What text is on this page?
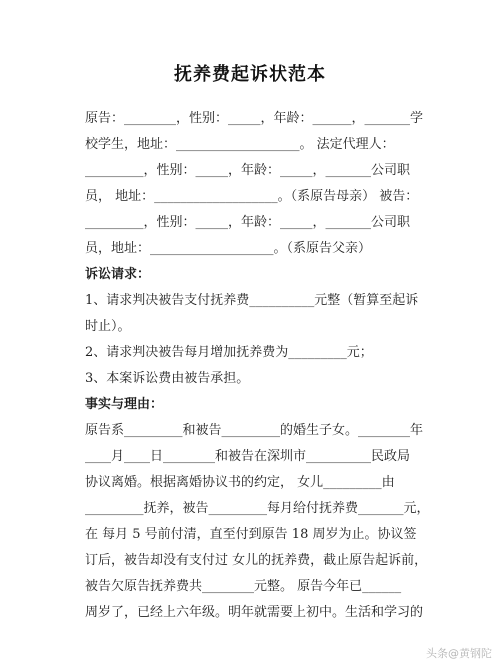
抚养费起诉状范本
原告：________，性别：_____，年龄：______，_______学
校学生，地址：___________________。 法定代理人：
_________，性别：_____，年龄：_____，_______公司职
员， 地址：___________________。（系原告母亲） 被告：
_________，性别：_____，年龄：_____，_______公司职
员，地址：___________________。（系原告父亲）
诉讼请求：
1、请求判决被告支付抚养费__________元整（暂算至起诉
时止）。
2、请求判决被告每月增加抚养费为_________元；
3、本案诉讼费由被告承担。
事实与理由：
原告系_________和被告_________的婚生子女。________年
____月____日________和被告在深圳市__________民政局
协议离婚。根据离婚协议书的约定， 女儿_________由
_________抚养，被告_________每月给付抚养费_______元，
在 每月 5 号前付清，直至付到原告 18 周岁为止。协议签
订后，被告却没有支付过 女儿的抚养费，截止原告起诉前，
被告欠原告抚养费共________元整。 原告今年已______
周岁了，已经上六年级。明年就需要上初中。生活和学习的
头条@黄钢陀
